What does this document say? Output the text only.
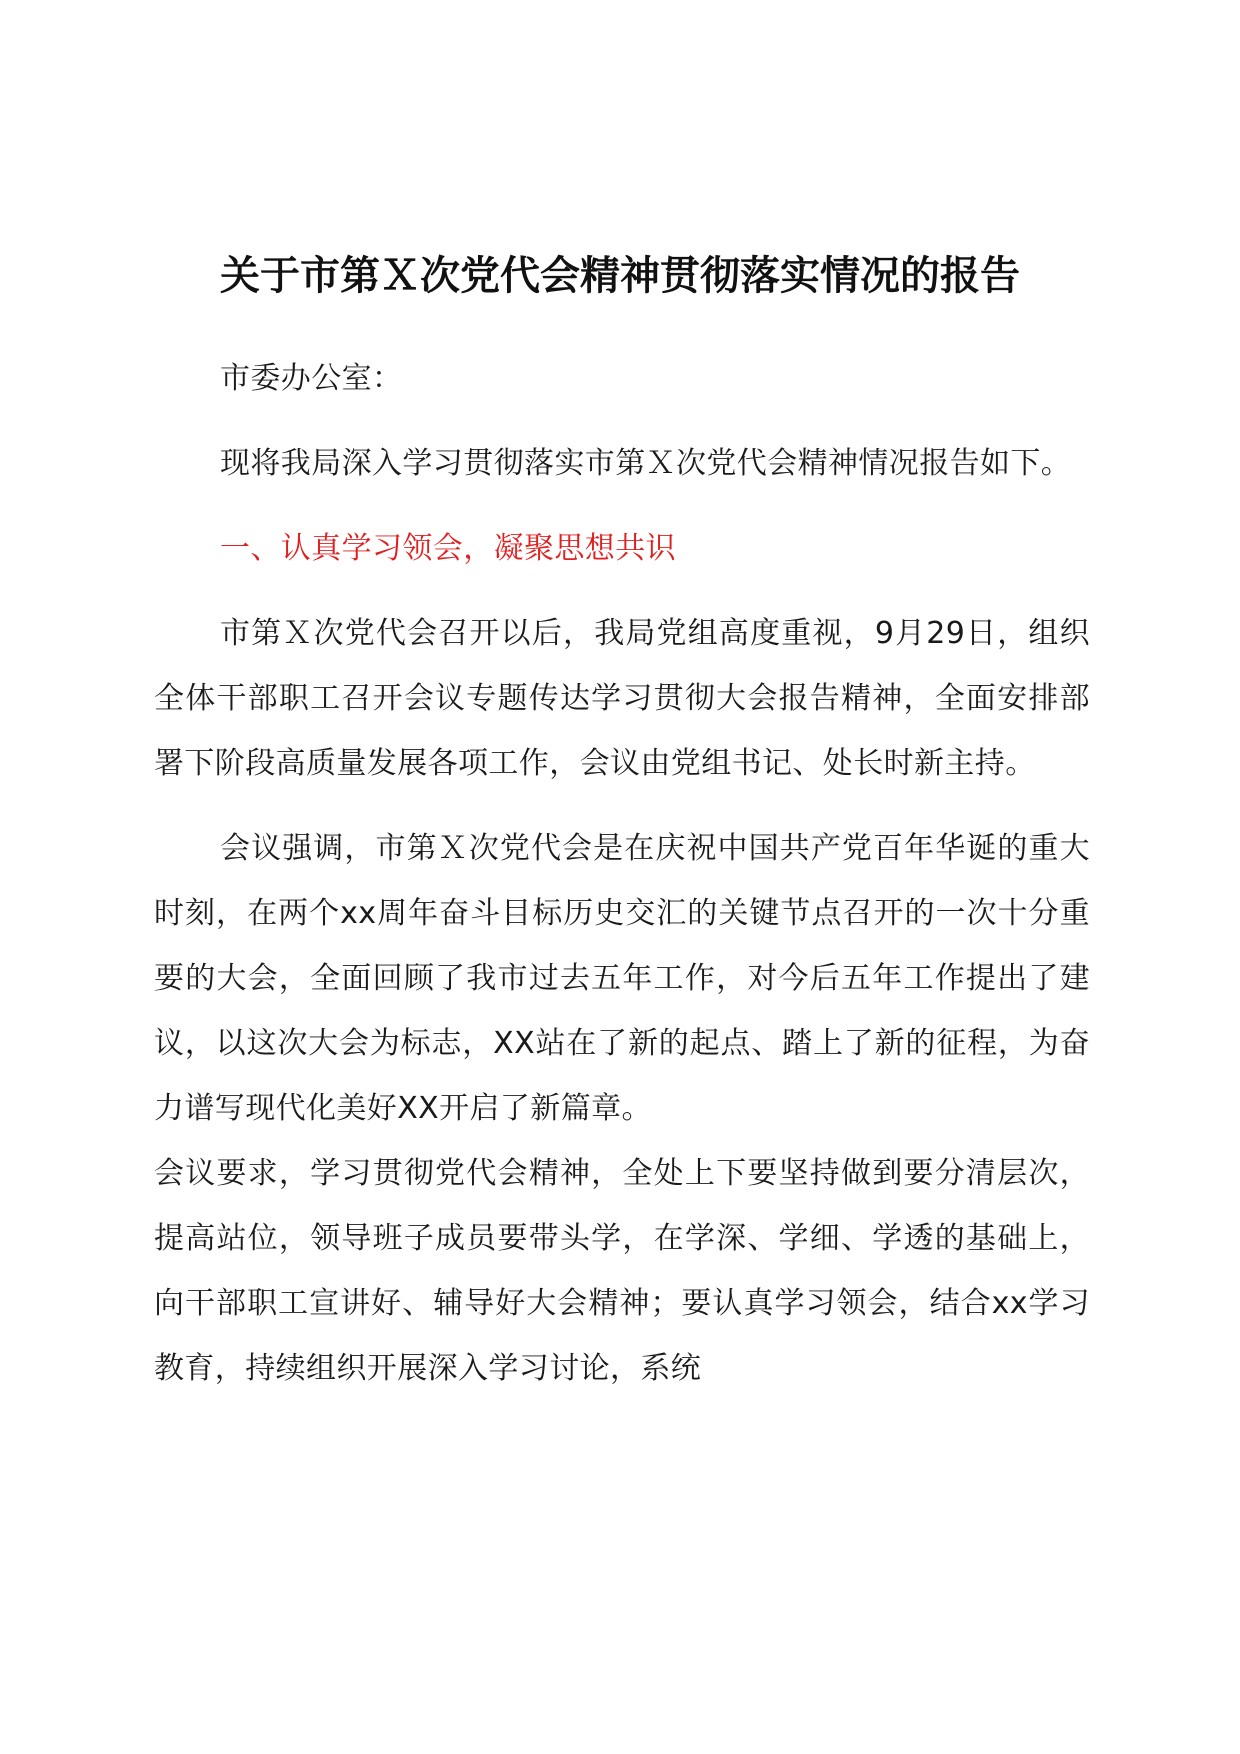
关于市第Ｘ次党代会精神贯彻落实情况的报告

市委办公室：

现将我局深入学习贯彻落实市第Ｘ次党代会精神情况报告如下。

一、认真学习领会，凝聚思想共识

市第Ｘ次党代会召开以后，我局党组高度重视，9月29日，组织全体干部职工召开会议专题传达学习贯彻大会报告精神，全面安排部署下阶段高质量发展各项工作，会议由党组书记、处长时新主持。

会议强调，市第Ｘ次党代会是在庆祝中国共产党百年华诞的重大时刻，在两个xx周年奋斗目标历史交汇的关键节点召开的一次十分重要的大会，全面回顾了我市过去五年工作，对今后五年工作提出了建议，以这次大会为标志，XX站在了新的起点、踏上了新的征程，为奋力谱写现代化美好XX开启了新篇章。

会议要求，学习贯彻党代会精神，全处上下要坚持做到要分清层次，提高站位，领导班子成员要带头学，在学深、学细、学透的基础上，向干部职工宣讲好、辅导好大会精神；要认真学习领会，结合xx学习教育，持续组织开展深入学习讨论，系统
